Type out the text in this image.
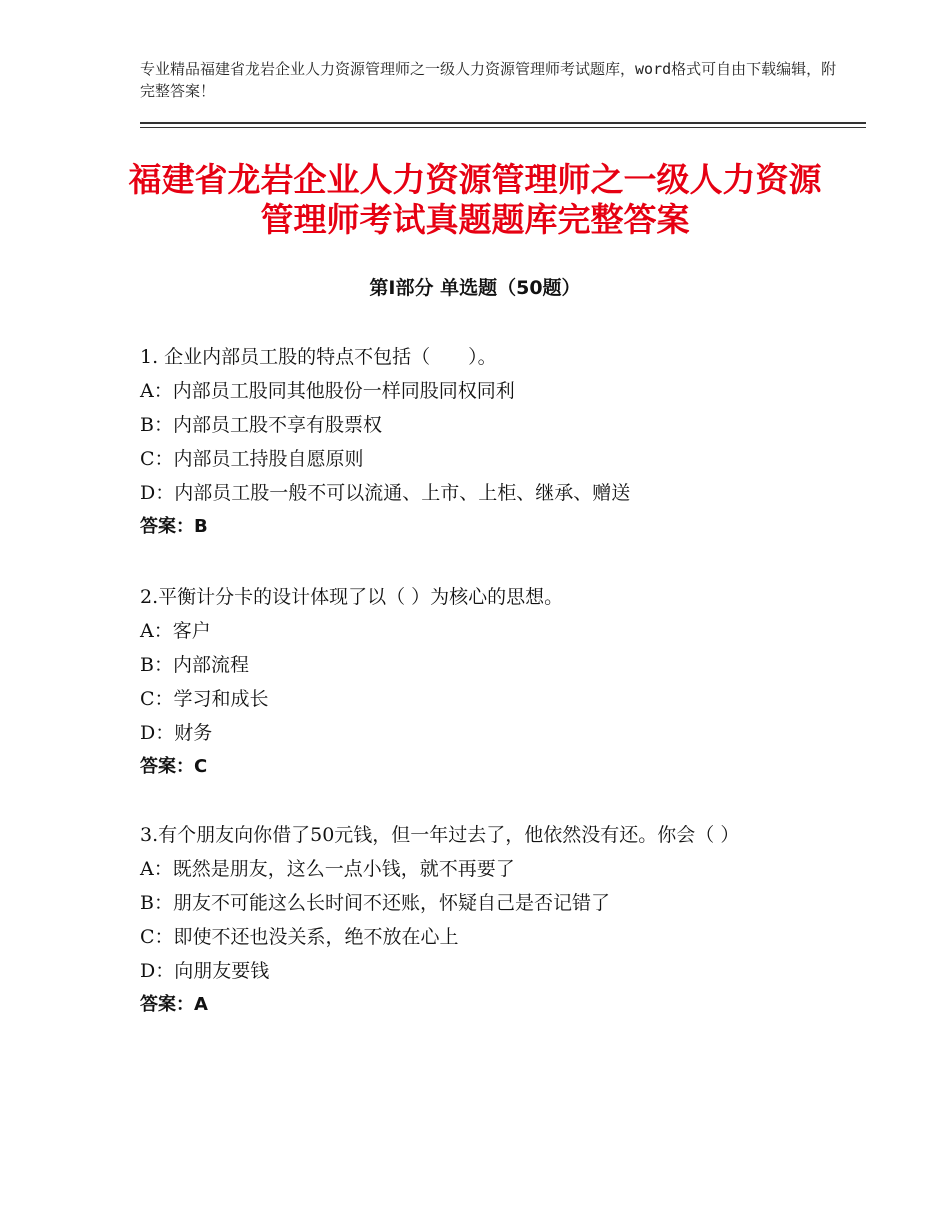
专业精品福建省龙岩企业人力资源管理师之一级人力资源管理师考试题库，word格式可自由下载编辑，附完整答案！
福建省龙岩企业人力资源管理师之一级人力资源管理师考试真题题库完整答案
第Ⅰ部分 单选题（50题）
1. 企业内部员工股的特点不包括（　　）。
A：内部员工股同其他股份一样同股同权同利
B：内部员工股不享有股票权
C：内部员工持股自愿原则
D：内部员工股一般不可以流通、上市、上柜、继承、赠送
答案：B
2.平衡计分卡的设计体现了以（ ）为核心的思想。
A：客户
B：内部流程
C：学习和成长
D：财务
答案：C
3.有个朋友向你借了50元钱，但一年过去了，他依然没有还。你会（ ）
A：既然是朋友，这么一点小钱，就不再要了
B：朋友不可能这么长时间不还账，怀疑自己是否记错了
C：即使不还也没关系，绝不放在心上
D：向朋友要钱
答案：A
